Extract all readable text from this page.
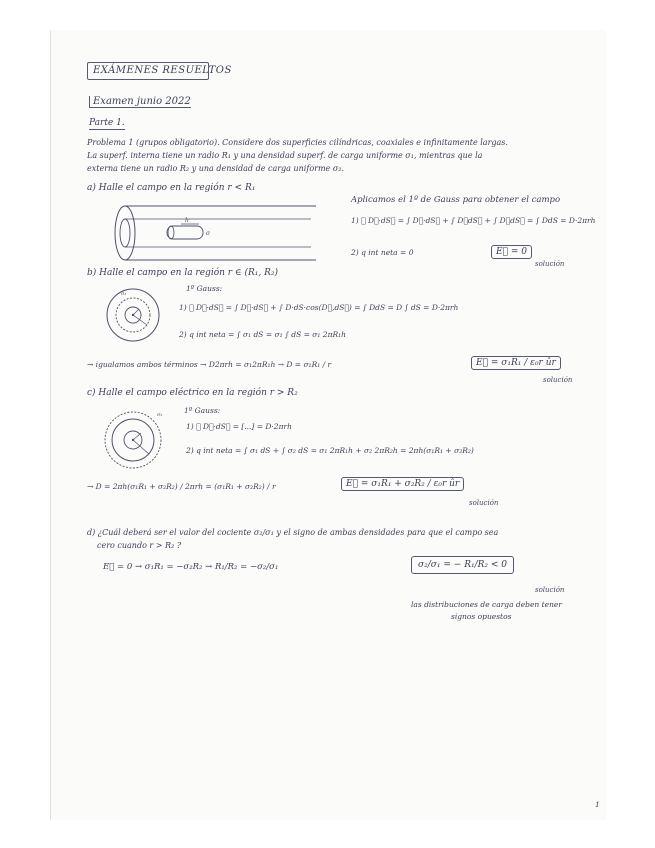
EXÁMENES RESUELTOS
Examen junio 2022
Parte 1.
Problema 1 (grupos obligatorio). Considere dos superficies cilíndricas, coaxiales e infinitamente largas.
La superf. interna tiene un radio R₁ y una densidad superf. de carga uniforme σ₁, mientras que la
externa tiene un radio R₂ y una densidad de carga uniforme σ₂.
a) Halle el campo en la región r < R₁
h
σ
Aplicamos el 1º de Gauss para obtener el campo
1) ∮ D⃗·dS⃗ = ∫ D⃗·dS⃗ + ∫ D⃗dS⃗ + ∫ D⃗dS⃗ = ∫ DdS = D·2πrh
2) q int neta = 0	E⃗ = 0
solución
b) Halle el campo en la región r ∈ (R₁, R₂)
σ₂
1º Gauss:
1) ∮ D⃗·dS⃗ = ∫ D⃗·dS⃗ + ∫ D·dS·cos(D⃗,dS⃗) = ∫ DdS = D ∫ dS = D·2πrh
2) q int neta = ∫ σ₁ dS = σ₁ ∫ dS = σ₁ 2πR₁h
→ igualamos ambos términos → D2πrh = σ₁2πR₁h → D = σ₁R₁ / r	E⃗ = σ₁R₁ / ε₀r ûr
solución
c) Halle el campo eléctrico en la región r > R₂
σ₂	1º Gauss:
1) ∮ D⃗·dS⃗ = [...] = D·2πrh
2) q int neta = ∫ σ₁ dS + ∫ σ₂ dS = σ₁ 2πR₁h + σ₂ 2πR₂h = 2πh(σ₁R₁ + σ₂R₂)
→ D = 2πh(σ₁R₁ + σ₂R₂) / 2πrh = (σ₁R₁ + σ₂R₂) / r	E⃗ = σ₁R₁ + σ₂R₂ / ε₀r ûr
solución
d) ¿Cuál deberá ser el valor del cociente σ₂/σ₁ y el signo de ambas densidades para que el campo sea
cero cuando r > R₂ ?
E⃗ = 0 → σ₁R₁ = −σ₂R₂ → R₁/R₂ = −σ₂/σ₁	σ₂/σ₁ = − R₁/R₂ < 0
solución
las distribuciones de carga deben tener
signos opuestos
1
